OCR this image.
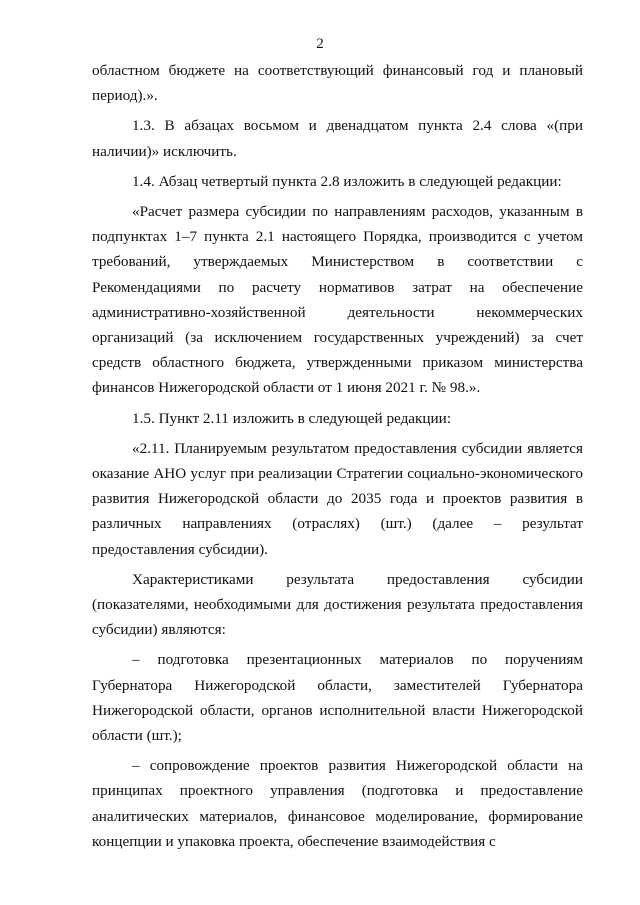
2

областном бюджете на соответствующий финансовый год и плановый период).».

1.3. В абзацах восьмом и двенадцатом пункта 2.4 слова «(при наличии)» исключить.

1.4. Абзац четвертый пункта 2.8 изложить в следующей редакции:

«Расчет размера субсидии по направлениям расходов, указанным в подпунктах 1–7 пункта 2.1 настоящего Порядка, производится с учетом требований, утверждаемых Министерством в соответствии с Рекомендациями по расчету нормативов затрат на обеспечение административно-хозяйственной деятельности некоммерческих организаций (за исключением государственных учреждений) за счет средств областного бюджета, утвержденными приказом министерства финансов Нижегородской области от 1 июня 2021 г. № 98.».

1.5. Пункт 2.11 изложить в следующей редакции:

«2.11. Планируемым результатом предоставления субсидии является оказание АНО услуг при реализации Стратегии социально-экономического развития Нижегородской области до 2035 года и проектов развития в различных направлениях (отраслях) (шт.) (далее – результат предоставления субсидии).

Характеристиками результата предоставления субсидии (показателями, необходимыми для достижения результата предоставления субсидии) являются:

– подготовка презентационных материалов по поручениям Губернатора Нижегородской области, заместителей Губернатора Нижегородской области, органов исполнительной власти Нижегородской области (шт.);

– сопровождение проектов развития Нижегородской области на принципах проектного управления (подготовка и предоставление аналитических материалов, финансовое моделирование, формирование концепции и упаковка проекта, обеспечение взаимодействия с
